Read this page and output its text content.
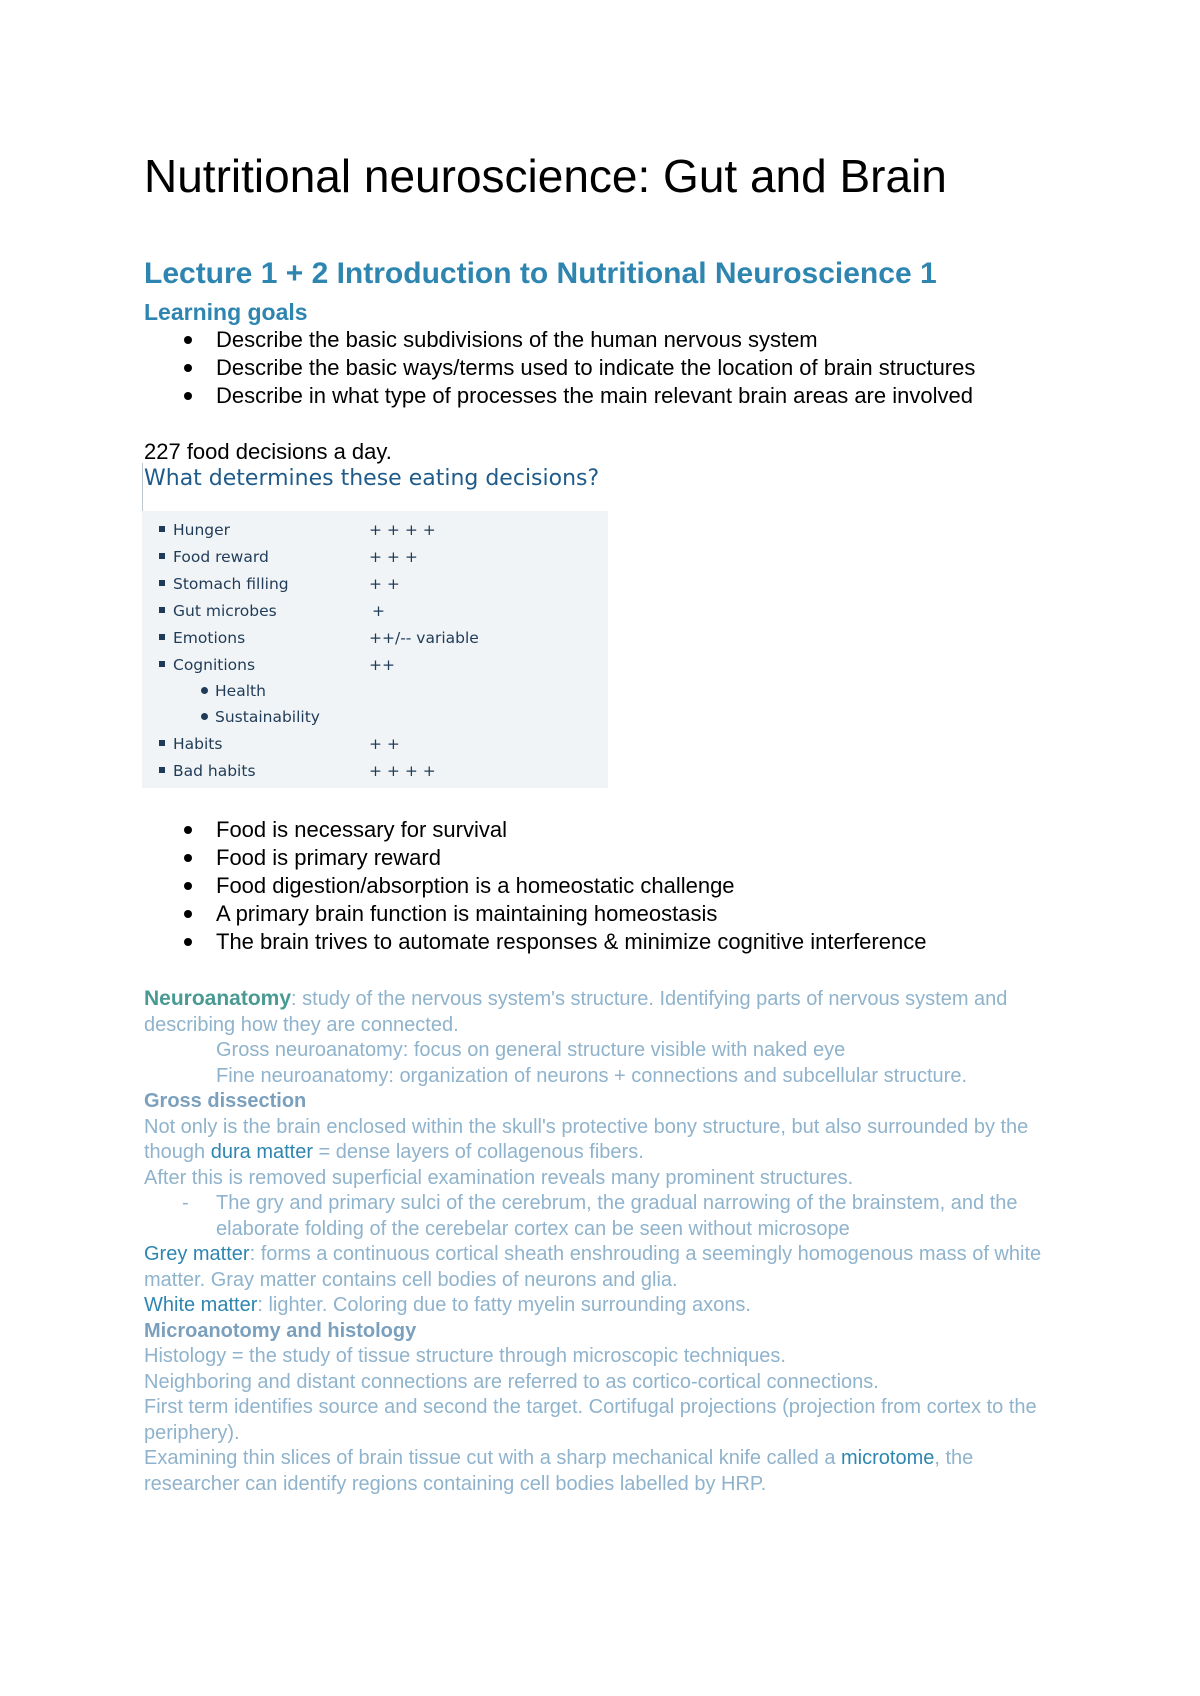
Nutritional neuroscience: Gut and Brain
Lecture 1 + 2 Introduction to Nutritional Neuroscience 1
Learning goals
Describe the basic subdivisions of the human nervous system
Describe the basic ways/terms used to indicate the location of brain structures
Describe in what type of processes the main relevant brain areas are involved

227 food decisions a day.

What determines these eating decisions?
Hunger	+ + + +
Food reward	+ + +
Stomach filling	+ +
Gut microbes	+
Emotions	++/-- variable
Cognitions	++
Health
Sustainability
Habits	+ +
Bad habits	+ + + +
Food is necessary for survival
Food is primary reward
Food digestion/absorption is a homeostatic challenge
A primary brain function is maintaining homeostasis
The brain trives to automate responses & minimize cognitive interference

Neuroanatomy: study of the nervous system's structure. Identifying parts of nervous system and describing how they are connected.

Gross neuroanatomy: focus on general structure visible with naked eye

Fine neuroanatomy: organization of neurons + connections and subcellular structure.

Gross dissection

Not only is the brain enclosed within the skull's protective bony structure, but also surrounded by the though dura matter = dense layers of collagenous fibers.

After this is removed superficial examination reveals many prominent structures.

- The gry and primary sulci of the cerebrum, the gradual narrowing of the brainstem, and the elaborate folding of the cerebelar cortex can be seen without microsope

Grey matter: forms a continuous cortical sheath enshrouding a seemingly homogenous mass of white matter. Gray matter contains cell bodies of neurons and glia.

White matter: lighter. Coloring due to fatty myelin surrounding axons.

Microanotomy and histology

Histology = the study of tissue structure through microscopic techniques.

Neighboring and distant connections are referred to as cortico-cortical connections.

First term identifies source and second the target. Cortifugal projections (projection from cortex to the periphery).

Examining thin slices of brain tissue cut with a sharp mechanical knife called a microtome, the researcher can identify regions containing cell bodies labelled by HRP.
